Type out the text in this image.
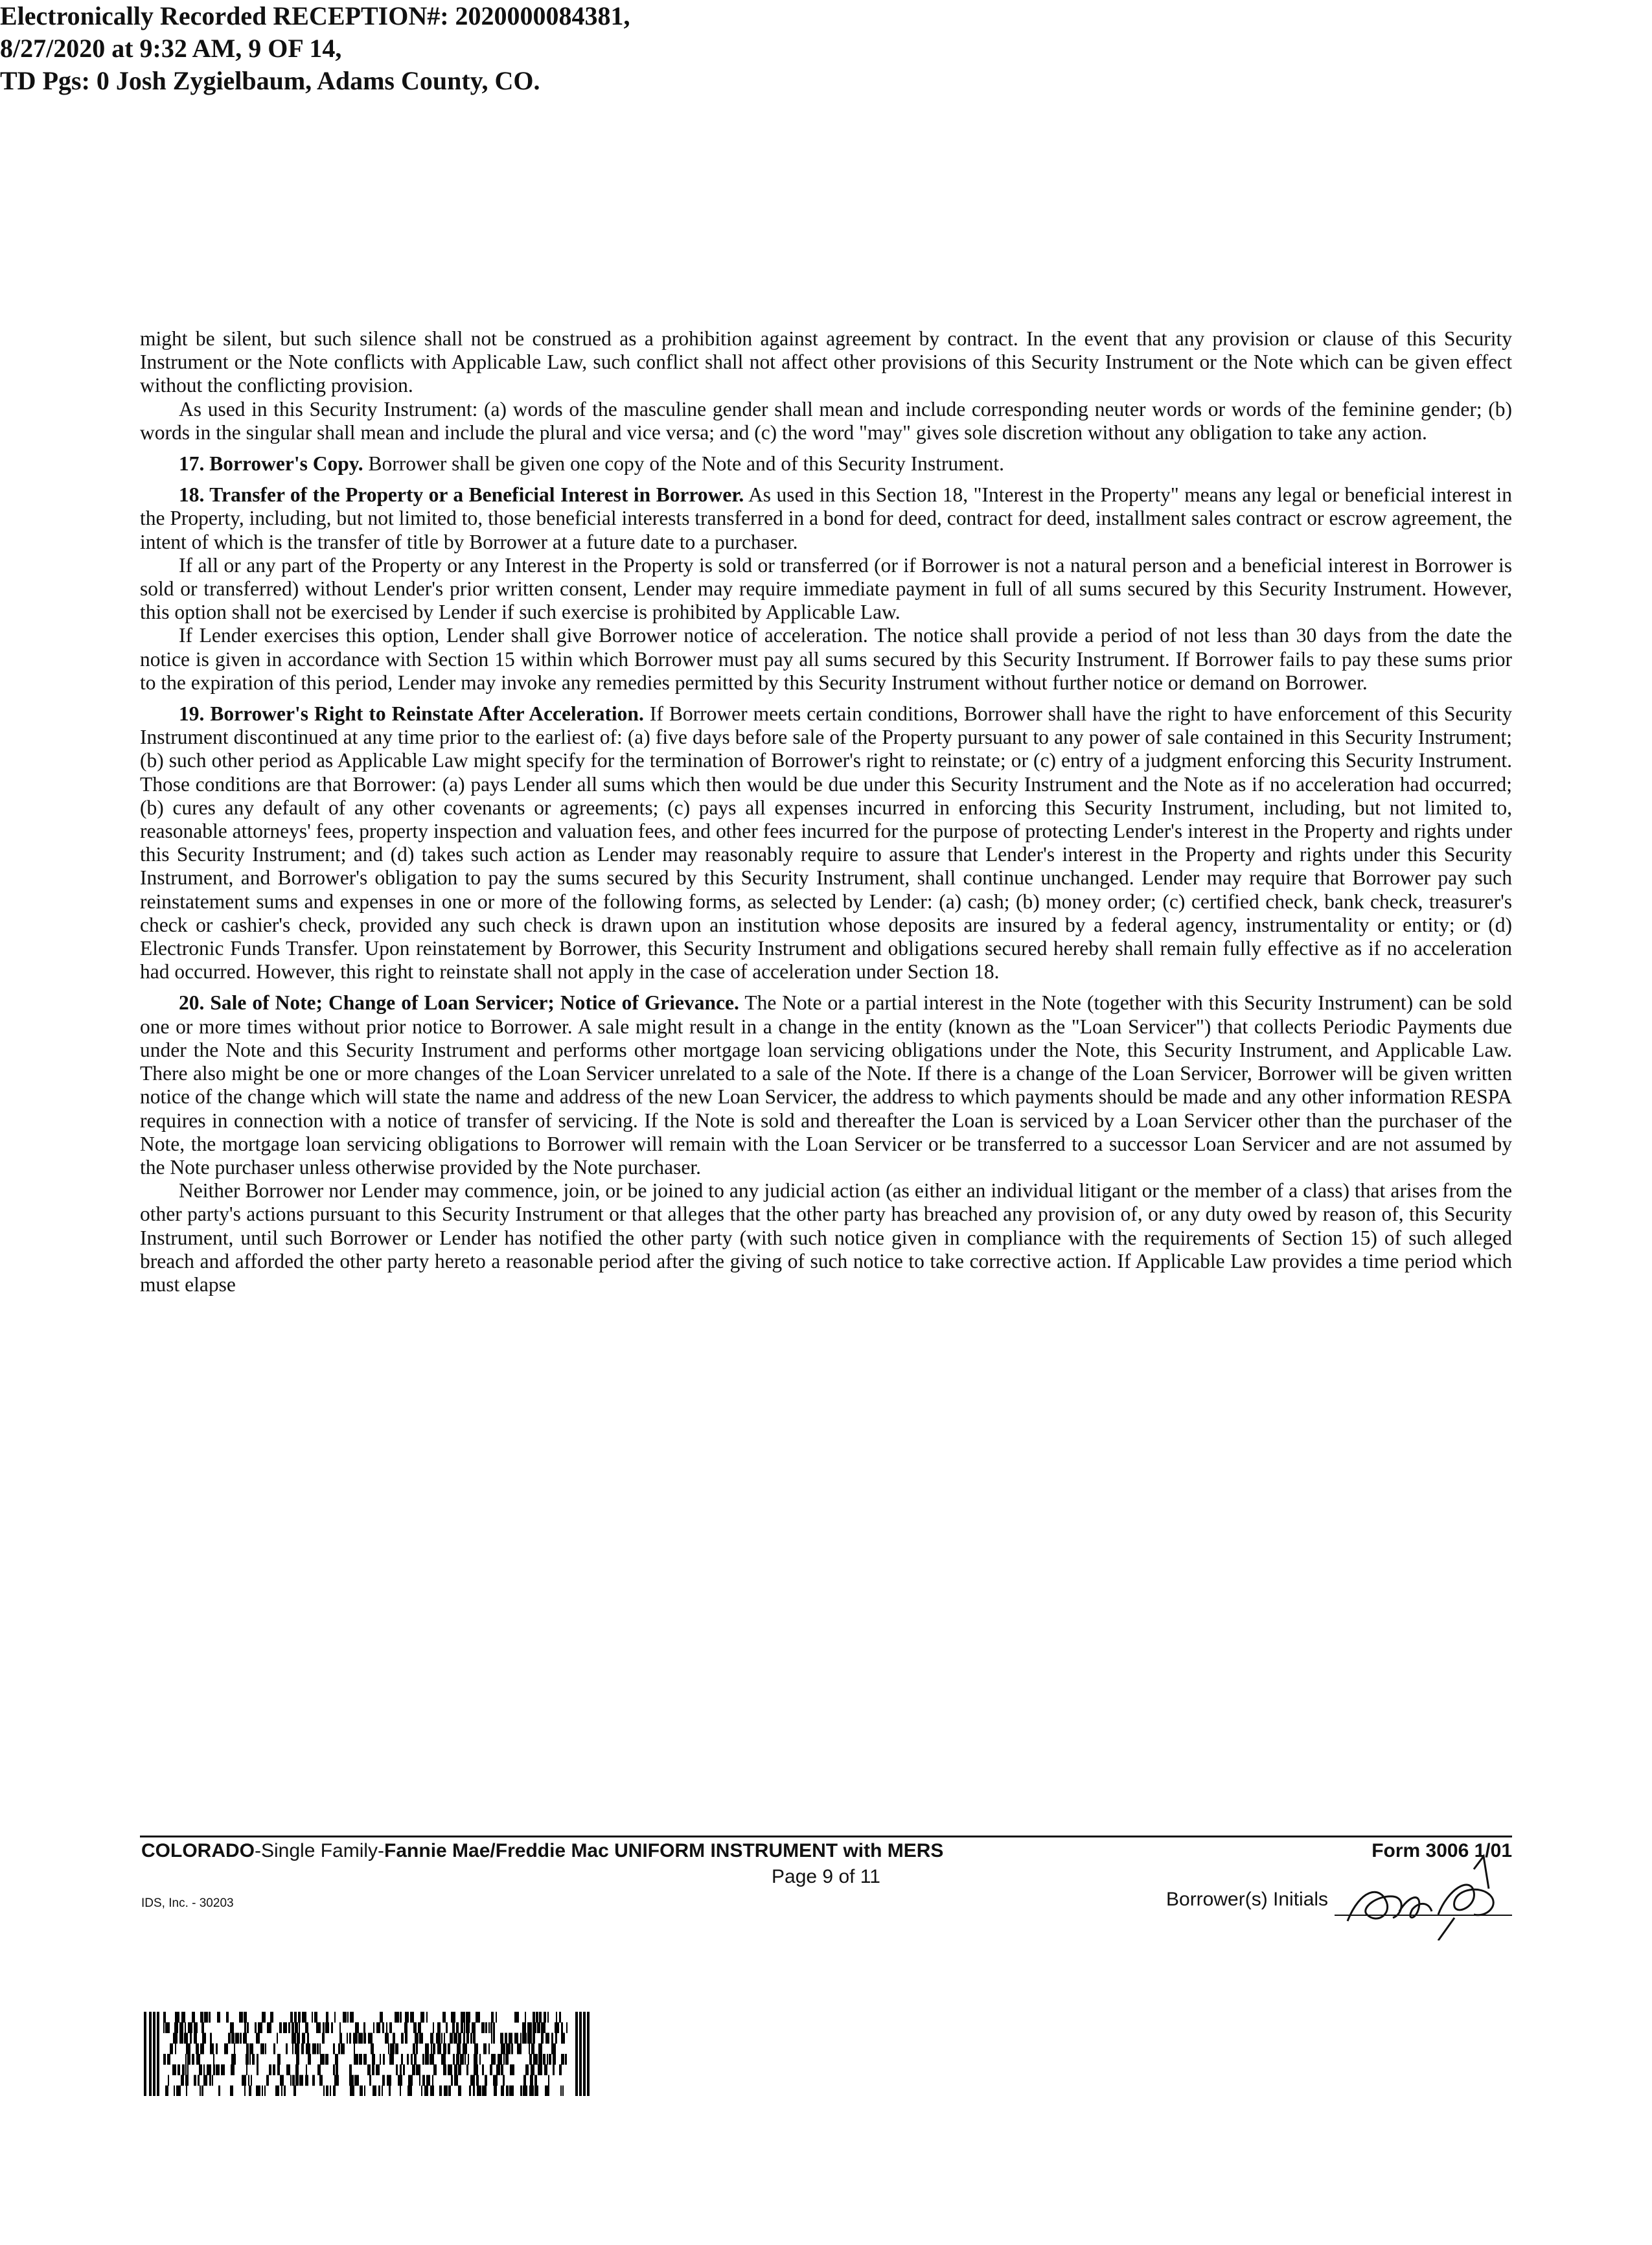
Electronically Recorded RECEPTION#: 2020000084381,
8/27/2020 at 9:32 AM, 9 OF 14,
TD Pgs: 0 Josh Zygielbaum, Adams County, CO.

might be silent, but such silence shall not be construed as a prohibition against agreement by contract. In the event that any provision or clause of this Security Instrument or the Note conflicts with Applicable Law, such conflict shall not affect other provisions of this Security Instrument or the Note which can be given effect without the conflicting provision.

As used in this Security Instrument: (a) words of the masculine gender shall mean and include corresponding neuter words or words of the feminine gender; (b) words in the singular shall mean and include the plural and vice versa; and (c) the word "may" gives sole discretion without any obligation to take any action.

17. Borrower's Copy. Borrower shall be given one copy of the Note and of this Security Instrument.

18. Transfer of the Property or a Beneficial Interest in Borrower. As used in this Section 18, "Interest in the Property" means any legal or beneficial interest in the Property, including, but not limited to, those beneficial interests transferred in a bond for deed, contract for deed, installment sales contract or escrow agreement, the intent of which is the transfer of title by Borrower at a future date to a purchaser.

If all or any part of the Property or any Interest in the Property is sold or transferred (or if Borrower is not a natural person and a beneficial interest in Borrower is sold or transferred) without Lender's prior written consent, Lender may require immediate payment in full of all sums secured by this Security Instrument. However, this option shall not be exercised by Lender if such exercise is prohibited by Applicable Law.

If Lender exercises this option, Lender shall give Borrower notice of acceleration. The notice shall provide a period of not less than 30 days from the date the notice is given in accordance with Section 15 within which Borrower must pay all sums secured by this Security Instrument. If Borrower fails to pay these sums prior to the expiration of this period, Lender may invoke any remedies permitted by this Security Instrument without further notice or demand on Borrower.

19. Borrower's Right to Reinstate After Acceleration. If Borrower meets certain conditions, Borrower shall have the right to have enforcement of this Security Instrument discontinued at any time prior to the earliest of: (a) five days before sale of the Property pursuant to any power of sale contained in this Security Instrument; (b) such other period as Applicable Law might specify for the termination of Borrower's right to reinstate; or (c) entry of a judgment enforcing this Security Instrument. Those conditions are that Borrower: (a) pays Lender all sums which then would be due under this Security Instrument and the Note as if no acceleration had occurred; (b) cures any default of any other covenants or agreements; (c) pays all expenses incurred in enforcing this Security Instrument, including, but not limited to, reasonable attorneys' fees, property inspection and valuation fees, and other fees incurred for the purpose of protecting Lender's interest in the Property and rights under this Security Instrument; and (d) takes such action as Lender may reasonably require to assure that Lender's interest in the Property and rights under this Security Instrument, and Borrower's obligation to pay the sums secured by this Security Instrument, shall continue unchanged. Lender may require that Borrower pay such reinstatement sums and expenses in one or more of the following forms, as selected by Lender: (a) cash; (b) money order; (c) certified check, bank check, treasurer's check or cashier's check, provided any such check is drawn upon an institution whose deposits are insured by a federal agency, instrumentality or entity; or (d) Electronic Funds Transfer. Upon reinstatement by Borrower, this Security Instrument and obligations secured hereby shall remain fully effective as if no acceleration had occurred. However, this right to reinstate shall not apply in the case of acceleration under Section 18.

20. Sale of Note; Change of Loan Servicer; Notice of Grievance. The Note or a partial interest in the Note (together with this Security Instrument) can be sold one or more times without prior notice to Borrower. A sale might result in a change in the entity (known as the "Loan Servicer") that collects Periodic Payments due under the Note and this Security Instrument and performs other mortgage loan servicing obligations under the Note, this Security Instrument, and Applicable Law. There also might be one or more changes of the Loan Servicer unrelated to a sale of the Note. If there is a change of the Loan Servicer, Borrower will be given written notice of the change which will state the name and address of the new Loan Servicer, the address to which payments should be made and any other information RESPA requires in connection with a notice of transfer of servicing. If the Note is sold and thereafter the Loan is serviced by a Loan Servicer other than the purchaser of the Note, the mortgage loan servicing obligations to Borrower will remain with the Loan Servicer or be transferred to a successor Loan Servicer and are not assumed by the Note purchaser unless otherwise provided by the Note purchaser.

Neither Borrower nor Lender may commence, join, or be joined to any judicial action (as either an individual litigant or the member of a class) that arises from the other party's actions pursuant to this Security Instrument or that alleges that the other party has breached any provision of, or any duty owed by reason of, this Security Instrument, until such Borrower or Lender has notified the other party (with such notice given in compliance with the requirements of Section 15) of such alleged breach and afforded the other party hereto a reasonable period after the giving of such notice to take corrective action. If Applicable Law provides a time period which must elapse

COLORADO-Single Family-Fannie Mae/Freddie Mac UNIFORM INSTRUMENT with MERS	Form 3006 1/01
Page 9 of 11
IDS, Inc. - 30203	Borrower(s) Initials
